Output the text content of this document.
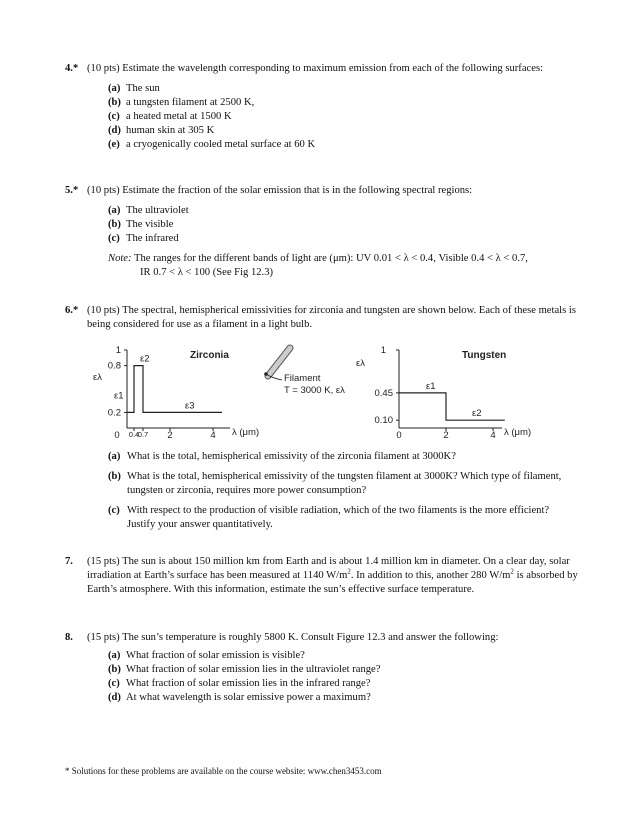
4.* (10 pts) Estimate the wavelength corresponding to maximum emission from each of the following surfaces:
(a) The sun
(b) a tungsten filament at 2500 K,
(c) a heated metal at 1500 K
(d) human skin at 305 K
(e) a cryogenically cooled metal surface at 60 K
5.* (10 pts) Estimate the fraction of the solar emission that is in the following spectral regions:
(a) The ultraviolet
(b) The visible
(c) The infrared
Note: The ranges for the different bands of light are (μm): UV 0.01 < λ < 0.4, Visible 0.4 < λ < 0.7,
IR 0.7 < λ < 100 (See Fig 12.3)
6.* (10 pts) The spectral, hemispherical emissivities for zirconia and tungsten are shown below. Each of these metals is being considered for use as a filament in a light bulb.
Zirconia
ελ
1
0.8
0.2
0 0.4
0.7 2	4
ε1
ε2
ε3
λ (μm)
Filament
T = 3000 K, ελ
Tungsten
ελ
1
0.45
0.10
0	2	4
ε1
ε2
λ (μm)
(a) What is the total, hemispherical emissivity of the zirconia filament at 3000K?
(b) What is the total, hemispherical emissivity of the tungsten filament at 3000K? Which type of filament, tungsten or zirconia, requires more power consumption?
(c) With respect to the production of visible radiation, which of the two filaments is the more efficient? Justify your answer quantitatively.
7.	(15 pts) The sun is about 150 million km from Earth and is about 1.4 million km in diameter. On a clear day, solar irradiation at Earth’s surface has been measured at 1140 $W/m^2$. In addition to this, another 280 $W/m^2$ is absorbed by Earth’s atmosphere. With this information, estimate the sun’s effective surface temperature.
8.	(15 pts) The sun’s temperature is roughly 5800 K. Consult Figure 12.3 and answer the following:
(a) What fraction of solar emission is visible?
(b) What fraction of solar emission lies in the ultraviolet range?
(c) What fraction of solar emission lies in the infrared range?
(d) At what wavelength is solar emissive power a maximum?
* Solutions for these problems are available on the course website: www.chen3453.com
